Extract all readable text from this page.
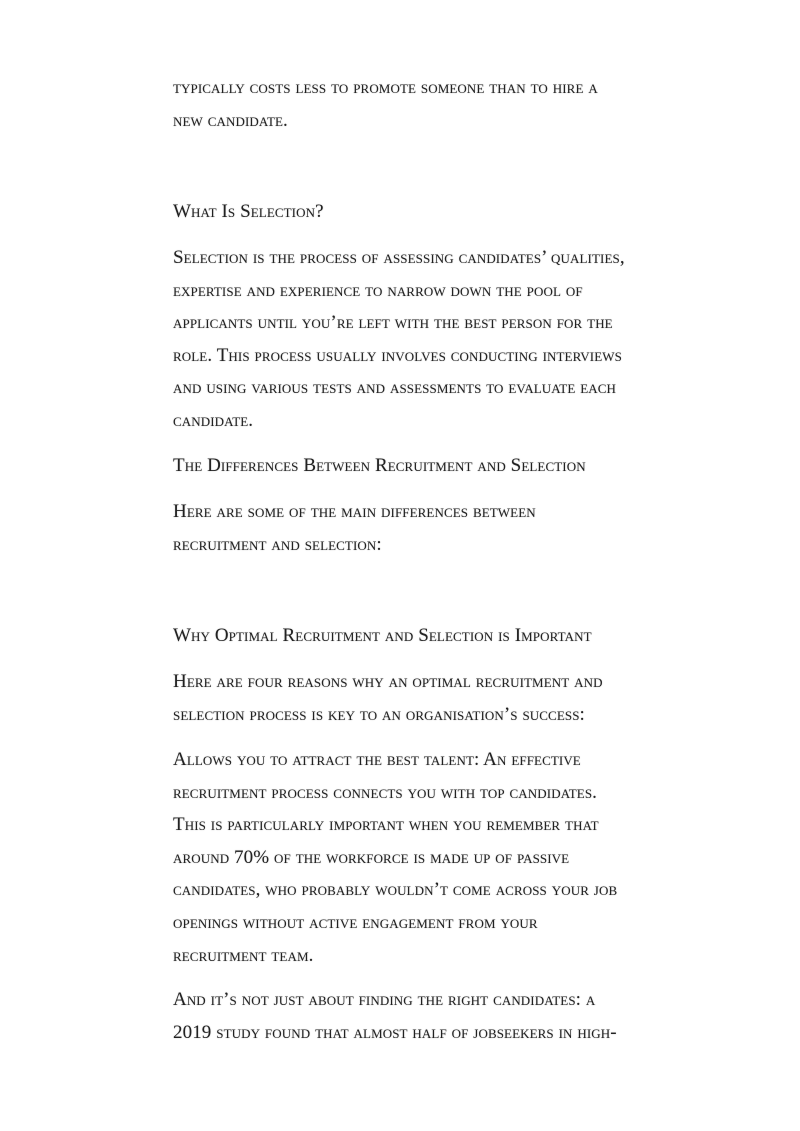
typically costs less to promote someone than to hire a
new candidate.

What Is Selection?

Selection is the process of assessing candidates’ qualities,
expertise and experience to narrow down the pool of
applicants until you’re left with the best person for the
role. This process usually involves conducting interviews
and using various tests and assessments to evaluate each
candidate.

The Differences Between Recruitment and Selection

Here are some of the main differences between
recruitment and selection:

Why Optimal Recruitment and Selection is Important

Here are four reasons why an optimal recruitment and
selection process is key to an organisation’s success:

Allows you to attract the best talent: An effective
recruitment process connects you with top candidates.
This is particularly important when you remember that
around 70% of the workforce is made up of passive
candidates, who probably wouldn’t come across your job
openings without active engagement from your
recruitment team.

And it’s not just about finding the right candidates: a
2019 study found that almost half of jobseekers in high-
